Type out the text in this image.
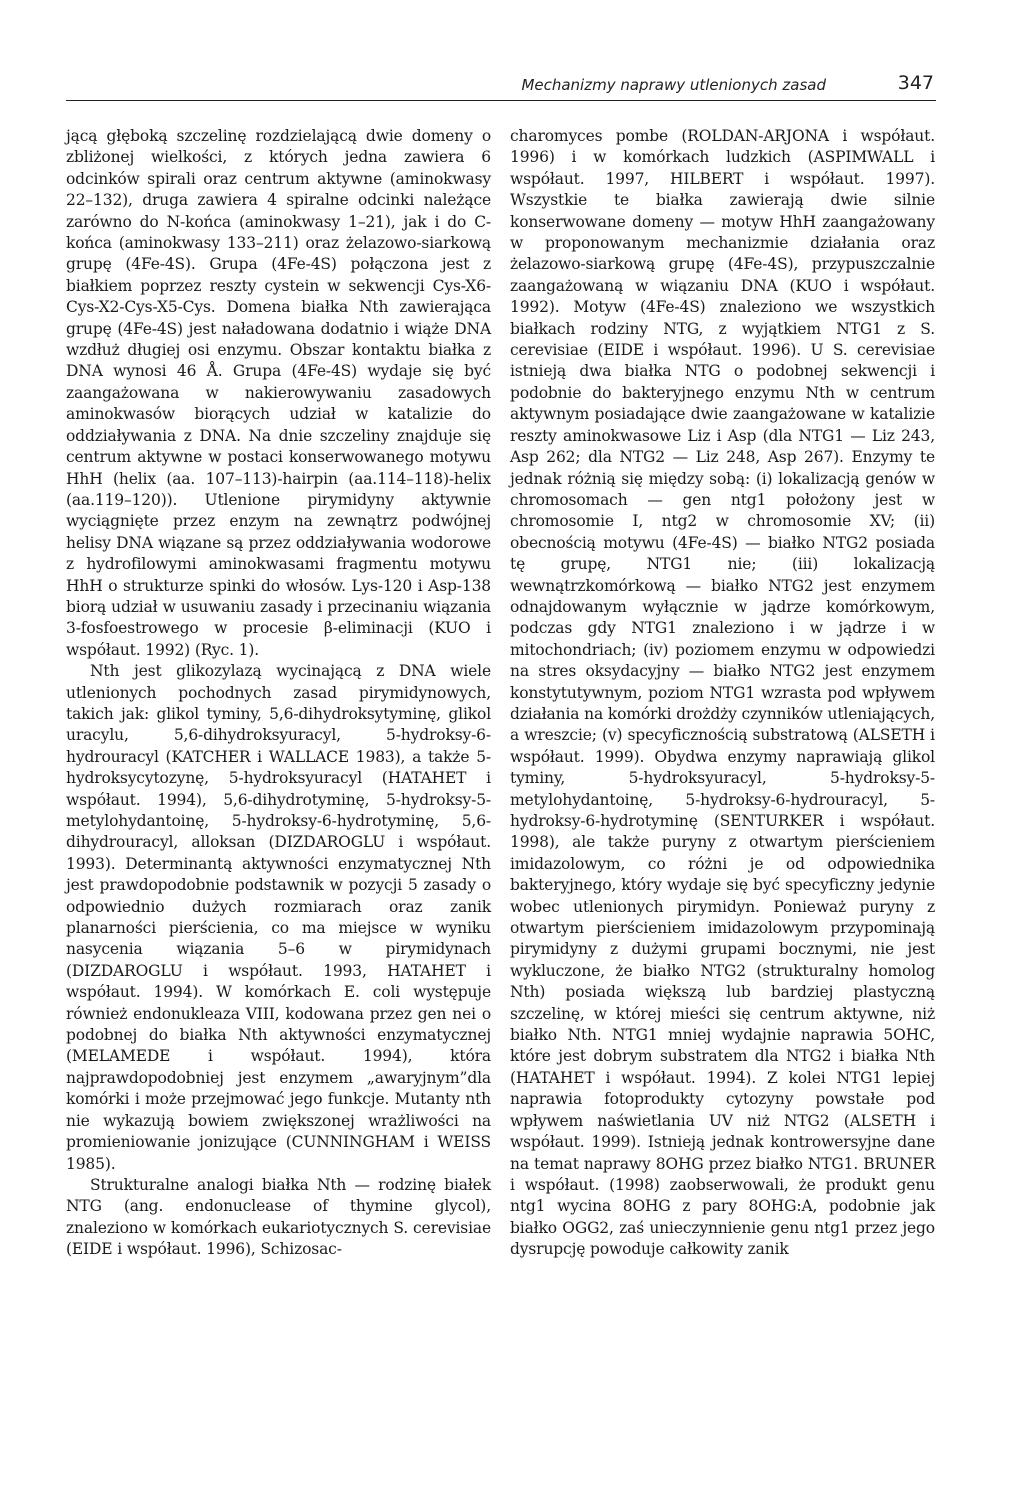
Mechanizmy naprawy utlenionych zasad	347

jącą głęboką szczelinę rozdzielającą dwie domeny o zbliżonej wielkości, z których jedna zawiera 6 odcinków spirali oraz centrum aktywne (aminokwasy 22–132), druga zawiera 4 spiralne odcinki należące zarówno do N-końca (aminokwasy 1–21), jak i do C-końca (aminokwasy 133–211) oraz żelazowo-siarkową grupę (4Fe-4S). Grupa (4Fe-4S) połączona jest z białkiem poprzez reszty cystein w sekwencji Cys-X6-Cys-X2-Cys-X5-Cys. Domena białka Nth zawierająca grupę (4Fe-4S) jest naładowana dodatnio i wiąże DNA wzdłuż długiej osi enzymu. Obszar kontaktu białka z DNA wynosi 46 Å. Grupa (4Fe-4S) wydaje się być zaangażowana w nakierowywaniu zasadowych aminokwasów biorących udział w katalizie do oddziaływania z DNA. Na dnie szczeliny znajduje się centrum aktywne w postaci konserwowanego motywu HhH (helix (aa. 107–113)-hairpin (aa.114–118)-helix (aa.119–120)). Utlenione pirymidyny aktywnie wyciągnięte przez enzym na zewnątrz podwójnej helisy DNA wiązane są przez oddziaływania wodorowe z hydrofilowymi aminokwasami fragmentu motywu HhH o strukturze spinki do włosów. Lys-120 i Asp-138 biorą udział w usuwaniu zasady i przecinaniu wiązania 3-fosfoestrowego w procesie β-eliminacji (KUO i współaut. 1992) (Ryc. 1).

Nth jest glikozylazą wycinającą z DNA wiele utlenionych pochodnych zasad pirymidynowych, takich jak: glikol tyminy, 5,6-dihydroksytyminę, glikol uracylu, 5,6-dihydroksyuracyl, 5-hydroksy-6-hydrouracyl (KATCHER i WALLACE 1983), a także 5-hydroksycytozynę, 5-hydroksyuracyl (HATAHET i współaut. 1994), 5,6-dihydrotyminę, 5-hydroksy-5-metylohydantoinę, 5-hydroksy-6-hydrotyminę, 5,6-dihydrouracyl, alloksan (DIZDAROGLU i współaut. 1993). Determinantą aktywności enzymatycznej Nth jest prawdopodobnie podstawnik w pozycji 5 zasady o odpowiednio dużych rozmiarach oraz zanik planarności pierścienia, co ma miejsce w wyniku nasycenia wiązania 5–6 w pirymidynach (DIZDAROGLU i współaut. 1993, HATAHET i współaut. 1994). W komórkach E. coli występuje również endonukleaza VIII, kodowana przez gen nei o podobnej do białka Nth aktywności enzymatycznej (MELAMEDE i współaut. 1994), która najprawdopodobniej jest enzymem „awaryjnym”dla komórki i może przejmować jego funkcje. Mutanty nth nie wykazują bowiem zwiększonej wrażliwości na promieniowanie jonizujące (CUNNINGHAM i WEISS 1985).

Strukturalne analogi białka Nth — rodzinę białek NTG (ang. endonuclease of thymine glycol), znaleziono w komórkach eukariotycznych S. cerevisiae (EIDE i współaut. 1996), Schizosac-

charomyces pombe (ROLDAN-ARJONA i współaut. 1996) i w komórkach ludzkich (ASPIMWALL i współaut. 1997, HILBERT i współaut. 1997). Wszystkie te białka zawierają dwie silnie konserwowane domeny — motyw HhH zaangażowany w proponowanym mechanizmie działania oraz żelazowo-siarkową grupę (4Fe-4S), przypuszczalnie zaangażowaną w wiązaniu DNA (KUO i współaut. 1992). Motyw (4Fe-4S) znaleziono we wszystkich białkach rodziny NTG, z wyjątkiem NTG1 z S. cerevisiae (EIDE i współaut. 1996). U S. cerevisiae istnieją dwa białka NTG o podobnej sekwencji i podobnie do bakteryjnego enzymu Nth w centrum aktywnym posiadające dwie zaangażowane w katalizie reszty aminokwasowe Liz i Asp (dla NTG1 — Liz 243, Asp 262; dla NTG2 — Liz 248, Asp 267). Enzymy te jednak różnią się między sobą: (i) lokalizacją genów w chromosomach — gen ntg1 położony jest w chromosomie I, ntg2 w chromosomie XV; (ii) obecnością motywu (4Fe-4S) — białko NTG2 posiada tę grupę, NTG1 nie; (iii) lokalizacją wewnątrzkomórkową — białko NTG2 jest enzymem odnajdowanym wyłącznie w jądrze komórkowym, podczas gdy NTG1 znaleziono i w jądrze i w mitochondriach; (iv) poziomem enzymu w odpowiedzi na stres oksydacyjny — białko NTG2 jest enzymem konstytutywnym, poziom NTG1 wzrasta pod wpływem działania na komórki drożdży czynników utleniających, a wreszcie; (v) specyficznością substratową (ALSETH i współaut. 1999). Obydwa enzymy naprawiają glikol tyminy, 5-hydroksyuracyl, 5-hydroksy-5-metylohydantoinę, 5-hydroksy-6-hydrouracyl, 5-hydroksy-6-hydrotyminę (SENTURKER i współaut. 1998), ale także puryny z otwartym pierścieniem imidazolowym, co różni je od odpowiednika bakteryjnego, który wydaje się być specyficzny jedynie wobec utlenionych pirymidyn. Ponieważ puryny z otwartym pierścieniem imidazolowym przypominają pirymidyny z dużymi grupami bocznymi, nie jest wykluczone, że białko NTG2 (strukturalny homolog Nth) posiada większą lub bardziej plastyczną szczelinę, w której mieści się centrum aktywne, niż białko Nth. NTG1 mniej wydajnie naprawia 5OHC, które jest dobrym substratem dla NTG2 i białka Nth (HATAHET i współaut. 1994). Z kolei NTG1 lepiej naprawia fotoprodukty cytozyny powstałe pod wpływem naświetlania UV niż NTG2 (ALSETH i współaut. 1999). Istnieją jednak kontrowersyjne dane na temat naprawy 8OHG przez białko NTG1. BRUNER i współaut. (1998) zaobserwowali, że produkt genu ntg1 wycina 8OHG z pary 8OHG:A, podobnie jak białko OGG2, zaś unieczynnienie genu ntg1 przez jego dysrupcję powoduje całkowity zanik
